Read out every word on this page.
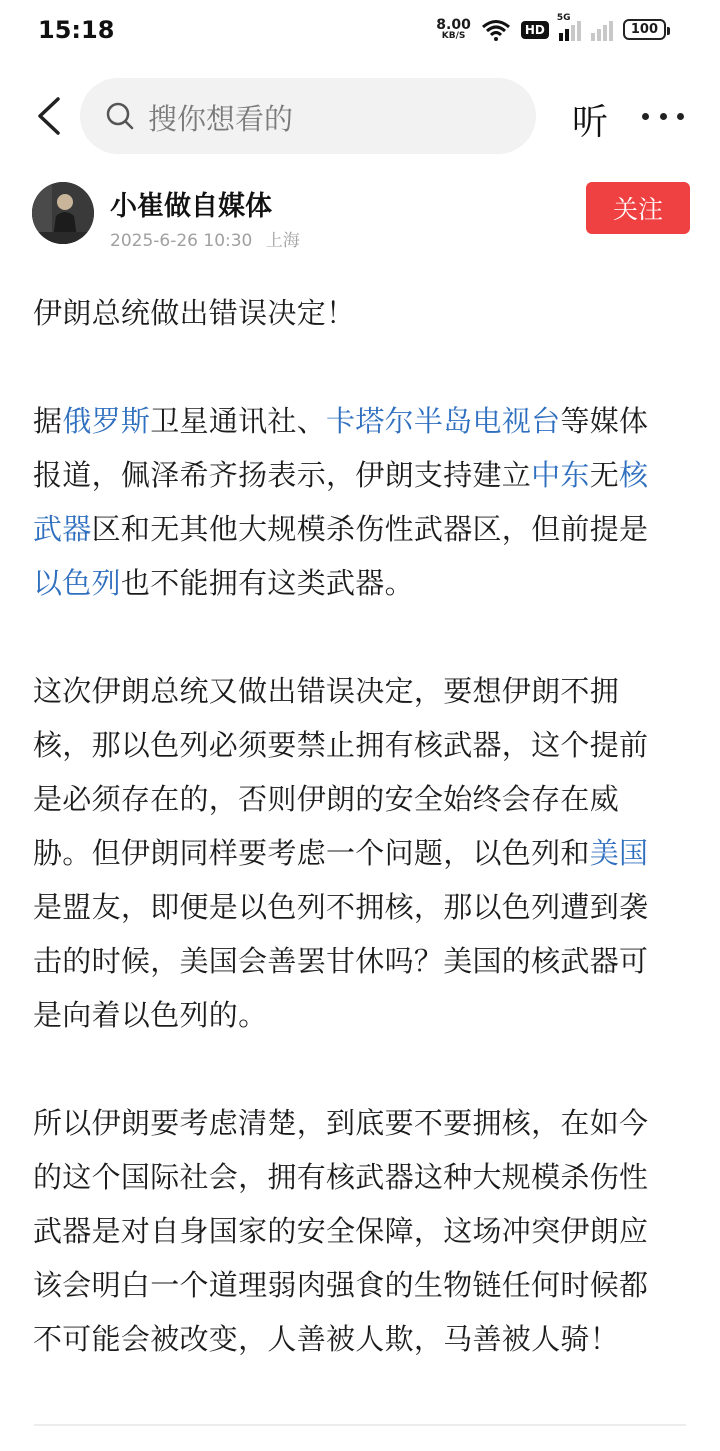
15:18	8.00
KB/S	HD
5G
100
搜你想看的	听
小崔做自媒体
2025-6-26 10:30 上海
关注

伊朗总统做出错误决定！

据俄罗斯卫星通讯社、卡塔尔半岛电视台等媒体报道，佩泽希齐扬表示，伊朗支持建立中东无核武器区和无其他大规模杀伤性武器区，但前提是以色列也不能拥有这类武器。

这次伊朗总统又做出错误决定，要想伊朗不拥核，那以色列必须要禁止拥有核武器，这个提前是必须存在的，否则伊朗的安全始终会存在威胁。但伊朗同样要考虑一个问题，以色列和美国是盟友，即便是以色列不拥核，那以色列遭到袭击的时候，美国会善罢甘休吗？美国的核武器可是向着以色列的。

所以伊朗要考虑清楚，到底要不要拥核，在如今的这个国际社会，拥有核武器这种大规模杀伤性武器是对自身国家的安全保障，这场冲突伊朗应该会明白一个道理弱肉强食的生物链任何时候都不可能会被改变，人善被人欺，马善被人骑！
